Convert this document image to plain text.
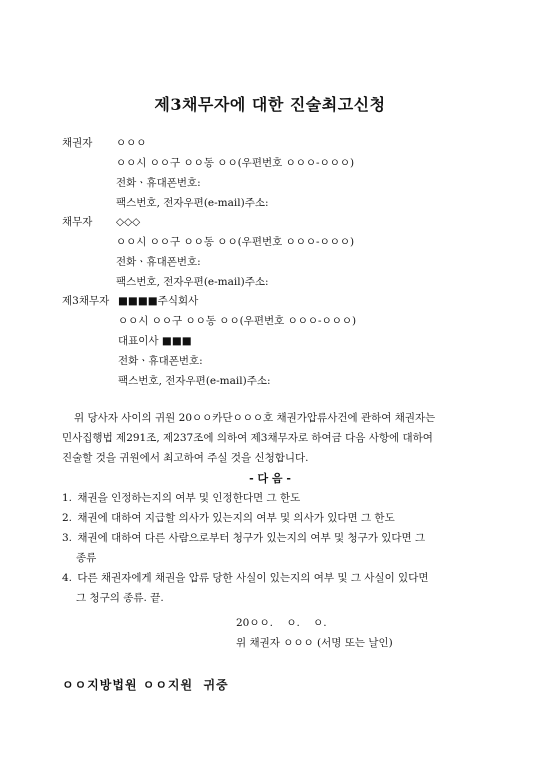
제3채무자에 대한 진술최고신청
채권자 ㅇㅇㅇ
ㅇㅇ시 ㅇㅇ구 ㅇㅇ동 ㅇㅇ(우편번호 ㅇㅇㅇ-ㅇㅇㅇ)
전화ㆍ휴대폰번호:
팩스번호, 전자우편(e-mail)주소:
채무자 ◇◇◇
ㅇㅇ시 ㅇㅇ구 ㅇㅇ동 ㅇㅇ(우편번호 ㅇㅇㅇ-ㅇㅇㅇ)
전화ㆍ휴대폰번호:
팩스번호, 전자우편(e-mail)주소:
제3채무자 ■■■■주식회사
ㅇㅇ시 ㅇㅇ구 ㅇㅇ동 ㅇㅇ(우편번호 ㅇㅇㅇ-ㅇㅇㅇ)
대표이사 ■■■
전화ㆍ휴대폰번호:
팩스번호, 전자우편(e-mail)주소:
위 당사자 사이의 귀원 20ㅇㅇ카단ㅇㅇㅇ호 채권가압류사건에 관하여 채권자는
민사집행법 제291조, 제237조에 의하여 제3채무자로 하여금 다음 사항에 대하여
진술할 것을 귀원에서 최고하여 주실 것을 신청합니다.
- 다 음 -
1. 채권을 인정하는지의 여부 및 인정한다면 그 한도
2. 채권에 대하여 지급할 의사가 있는지의 여부 및 의사가 있다면 그 한도
3. 채권에 대하여 다른 사람으로부터 청구가 있는지의 여부 및 청구가 있다면 그
종류
4. 다른 채권자에게 채권을 압류 당한 사실이 있는지의 여부 및 그 사실이 있다면
그 청구의 종류. 끝.
20ㅇㅇ.    ㅇ.    ㅇ.
위 채권자 ㅇㅇㅇ (서명 또는 날인)
ㅇㅇ지방법원 ㅇㅇ지원  귀중
